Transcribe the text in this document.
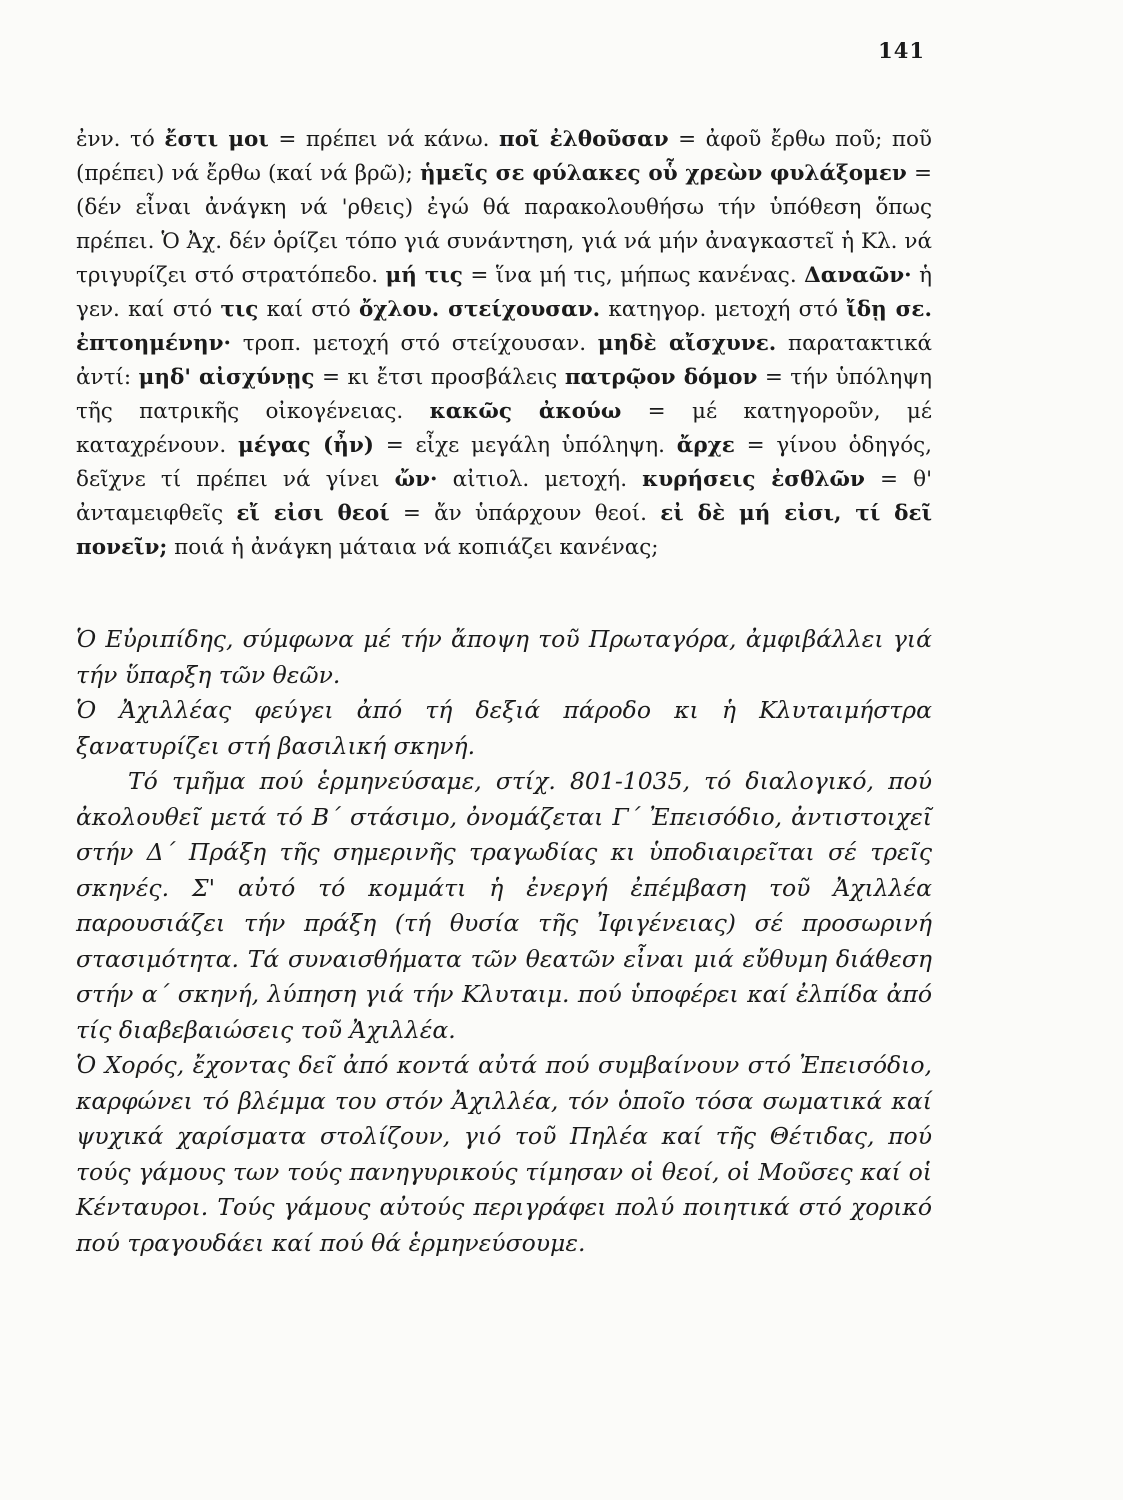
141
ἐνν. τό ἔστι μοι = πρέπει νά κάνω. ποῖ ἐλθοῦσαν = ἀφοῦ ἔρθω ποῦ; ποῦ (πρέπει) νά ἔρθω (καί νά βρῶ); ἡμεῖς σε φύλακες οὗ χρεὼν φυλάξομεν = (δέν εἶναι ἀνάγκη νά 'ρθεις) ἐγώ θά παρακολουθήσω τήν ὑπόθεση ὅπως πρέπει. Ὁ Ἀχ. δέν ὁρίζει τόπο γιά συνάντηση, γιά νά μήν ἀναγκαστεῖ ἡ Κλ. νά τριγυρίζει στό στρατόπεδο. μή τις = ἵνα μή τις, μήπως κανένας. Δαναῶν· ἡ γεν. καί στό τις καί στό ὄχλου. στείχουσαν. κατηγορ. μετοχή στό ἴδῃ σε. ἐπτοημένην· τροπ. μετοχή στό στείχουσαν. μηδὲ αἴσχυνε. παρατακτικά ἀντί: μηδ' αἰσχύνῃς = κι ἔτσι προσβάλεις πατρῷον δόμον = τήν ὑπόληψη τῆς πατρικῆς οἰκογένειας. κακῶς ἀκούω = μέ κατηγοροῦν, μέ καταχρένουν. μέγας (ἦν) = εἶχε μεγάλη ὑπόληψη. ἄρχε = γίνου ὁδηγός, δεῖχνε τί πρέπει νά γίνει ὤν· αἰτιολ. μετοχή. κυρήσεις ἐσθλῶν = θ' ἀνταμειφθεῖς εἴ εἰσι θεοί = ἄν ὑπάρχουν θεοί. εἰ δὲ μή εἰσι, τί δεῖ πονεῖν; ποιά ἡ ἀνάγκη μάταια νά κοπιάζει κανένας;

Ὁ Εὐριπίδης, σύμφωνα μέ τήν ἄποψη τοῦ Πρωταγόρα, ἀμφιβάλλει γιά τήν ὕπαρξη τῶν θεῶν.

Ὁ Ἀχιλλέας φεύγει ἀπό τή δεξιά πάροδο κι ἡ Κλυταιμήστρα ξανατυρίζει στή βασιλική σκηνή.

Τό τμῆμα πού ἑρμηνεύσαμε, στίχ. 801-1035, τό διαλογικό, πού ἀκολουθεῖ μετά τό Β΄ στάσιμο, ὀνομάζεται Γ΄ Ἐπεισόδιο, ἀντιστοιχεῖ στήν Δ΄ Πράξη τῆς σημερινῆς τραγωδίας κι ὑποδιαιρεῖται σέ τρεῖς σκηνές. Σ' αὐτό τό κομμάτι ἡ ἐνεργή ἐπέμβαση τοῦ Ἀχιλλέα παρουσιάζει τήν πράξη (τή θυσία τῆς Ἰφιγένειας) σέ προσωρινή στασιμότητα. Τά συναισθήματα τῶν θεατῶν εἶναι μιά εὔθυμη διάθεση στήν α΄ σκηνή, λύπηση γιά τήν Κλυταιμ. πού ὑποφέρει καί ἐλπίδα ἀπό τίς διαβεβαιώσεις τοῦ Ἀχιλλέα.

Ὁ Χορός, ἔχοντας δεῖ ἀπό κοντά αὐτά πού συμβαίνουν στό Ἐπεισόδιο, καρφώνει τό βλέμμα του στόν Ἀχιλλέα, τόν ὁποῖο τόσα σωματικά καί ψυχικά χαρίσματα στολίζουν, γιό τοῦ Πηλέα καί τῆς Θέτιδας, πού τούς γάμους των τούς πανηγυρικούς τίμησαν οἱ θεοί, οἱ Μοῦσες καί οἱ Κένταυροι. Τούς γάμους αὐτούς περιγράφει πολύ ποιητικά στό χορικό πού τραγουδάει καί πού θά ἑρμηνεύσουμε.
